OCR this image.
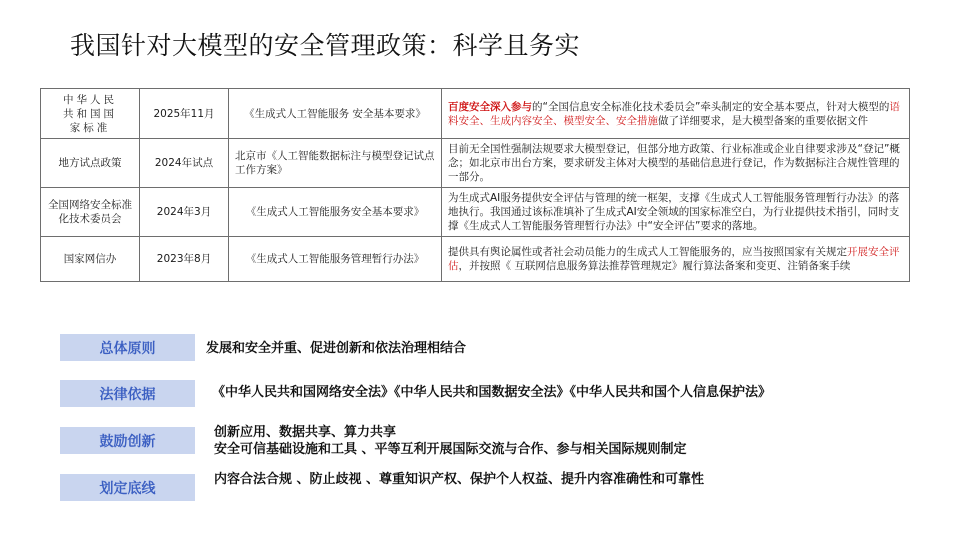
我国针对大模型的安全管理政策：科学且务实
中华人民共和国国家标准	2025年11月	《生成式人工智能服务 安全基本要求》	百度安全深入参与的“全国信息安全标准化技术委员会”牵头制定的安全基本要点，针对大模型的语料安全、生成内容安全、模型安全、安全措施做了详细要求，是大模型备案的重要依据文件
地方试点政策	2024年试点	北京市《人工智能数据标注与模型登记试点工作方案》	目前无全国性强制法规要求大模型登记，但部分地方政策、行业标准或企业自律要求涉及“登记”概念；如北京市出台方案，要求研发主体对大模型的基础信息进行登记，作为数据标注合规性管理的一部分。
全国网络安全标准化技术委员会	2024年3月	《生成式人工智能服务安全基本要求》	为生成式AI服务提供安全评估与管理的统一框架，支撑《生成式人工智能服务管理暂行办法》的落地执行。我国通过该标准填补了生成式AI安全领域的国家标准空白，为行业提供技术指引，同时支撑《生成式人工智能服务管理暂行办法》中“安全评估”要求的落地。
国家网信办	2023年8月	《生成式人工智能服务管理暂行办法》	提供具有舆论属性或者社会动员能力的生成式人工智能服务的，应当按照国家有关规定开展安全评估，并按照《 互联网信息服务算法推荐管理规定》履行算法备案和变更、注销备案手续
总体原则	发展和安全并重、促进创新和依法治理相结合
法律依据	《中华人民共和国网络安全法》《中华人民共和国数据安全法》《中华人民共和国个人信息保护法》
鼓励创新
创新应用、数据共享、算力共享
安全可信基础设施和工具 、平等互利开展国际交流与合作、参与相关国际规则制定
划定底线
内容合法合规 、防止歧视 、尊重知识产权、保护个人权益、提升内容准确性和可靠性
